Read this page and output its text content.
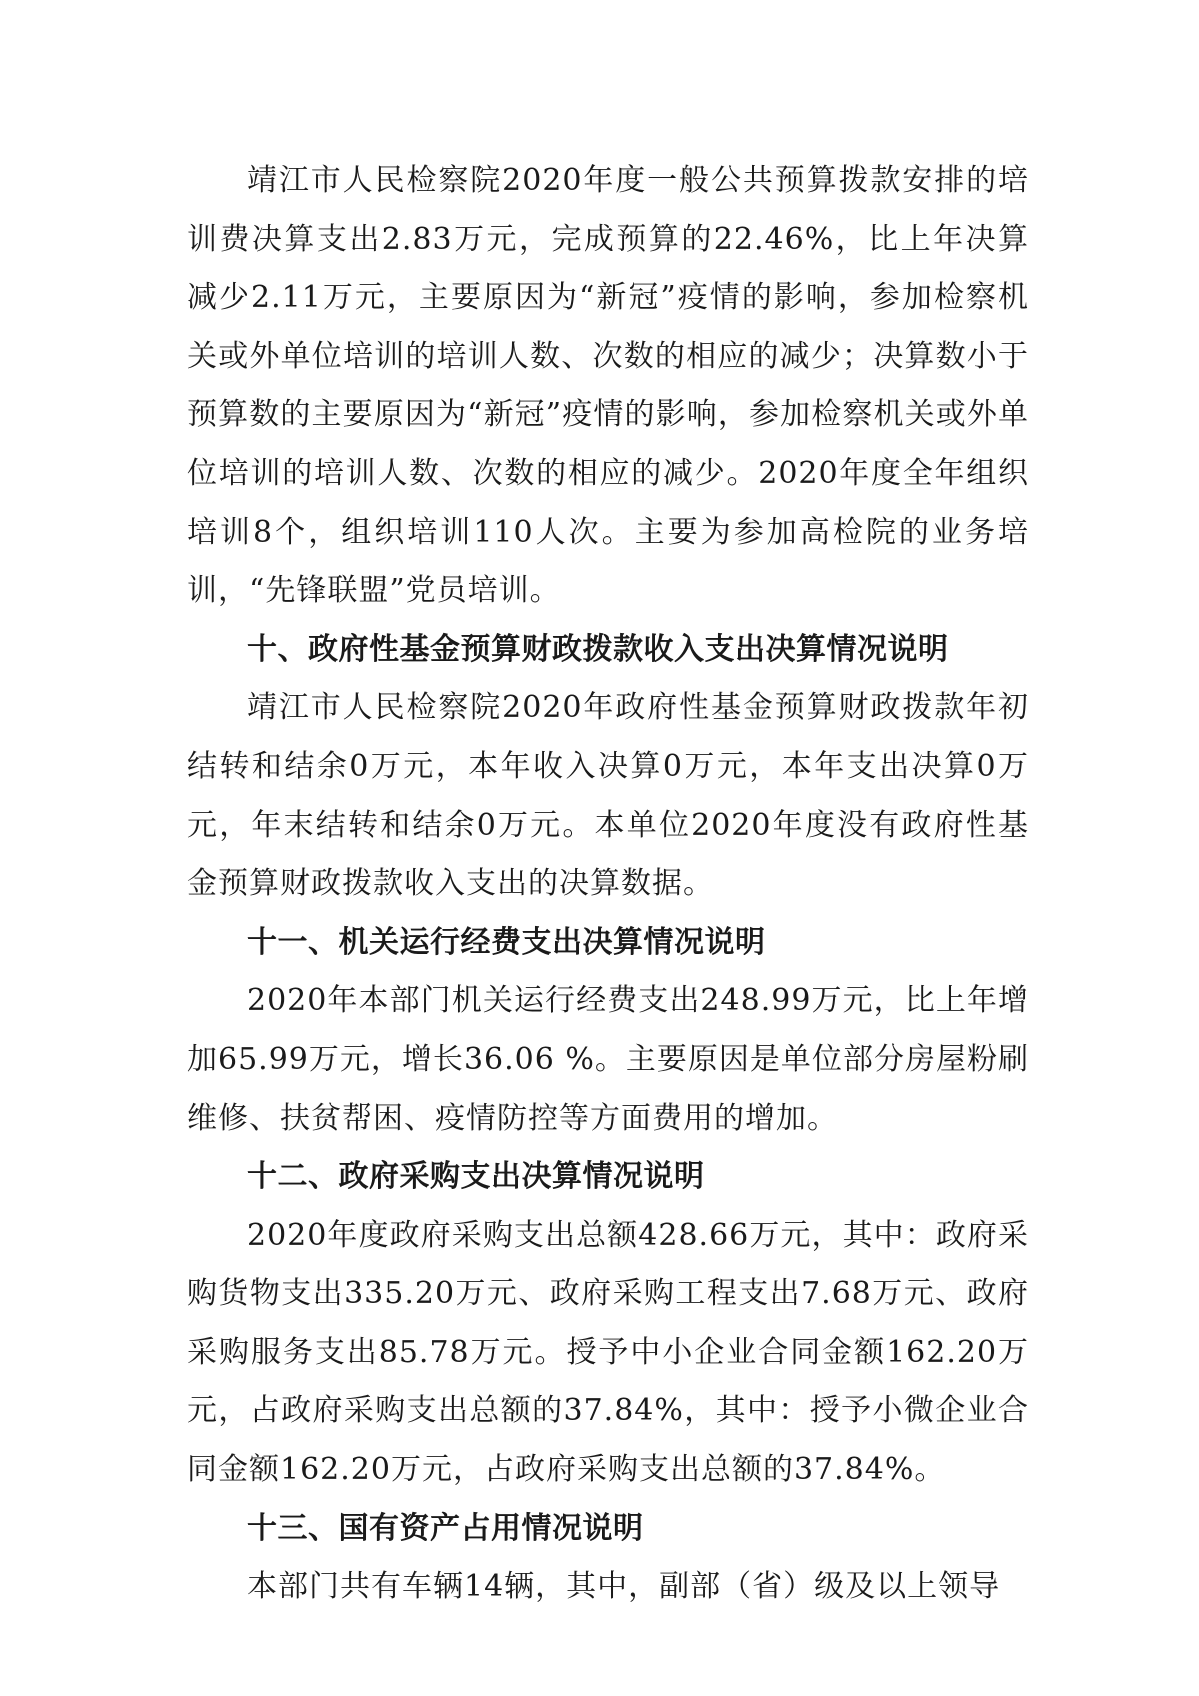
靖江市人民检察院2020年度一般公共预算拨款安排的培训费决算支出2.83万元，完成预算的22.46%，比上年决算减少2.11万元，主要原因为“新冠”疫情的影响，参加检察机关或外单位培训的培训人数、次数的相应的减少；决算数小于预算数的主要原因为“新冠”疫情的影响，参加检察机关或外单位培训的培训人数、次数的相应的减少。2020年度全年组织培训8个，组织培训110人次。主要为参加高检院的业务培训，“先锋联盟”党员培训。

十、政府性基金预算财政拨款收入支出决算情况说明

靖江市人民检察院2020年政府性基金预算财政拨款年初结转和结余0万元，本年收入决算0万元，本年支出决算0万元，年末结转和结余0万元。本单位2020年度没有政府性基金预算财政拨款收入支出的决算数据。

十一、机关运行经费支出决算情况说明

2020年本部门机关运行经费支出248.99万元，比上年增加65.99万元，增长36.06 %。主要原因是单位部分房屋粉刷维修、扶贫帮困、疫情防控等方面费用的增加。

十二、政府采购支出决算情况说明

2020年度政府采购支出总额428.66万元，其中：政府采购货物支出335.20万元、政府采购工程支出7.68万元、政府采购服务支出85.78万元。授予中小企业合同金额162.20万元，占政府采购支出总额的37.84%，其中：授予小微企业合同金额162.20万元，占政府采购支出总额的37.84%。

十三、国有资产占用情况说明

本部门共有车辆14辆，其中，副部（省）级及以上领导
